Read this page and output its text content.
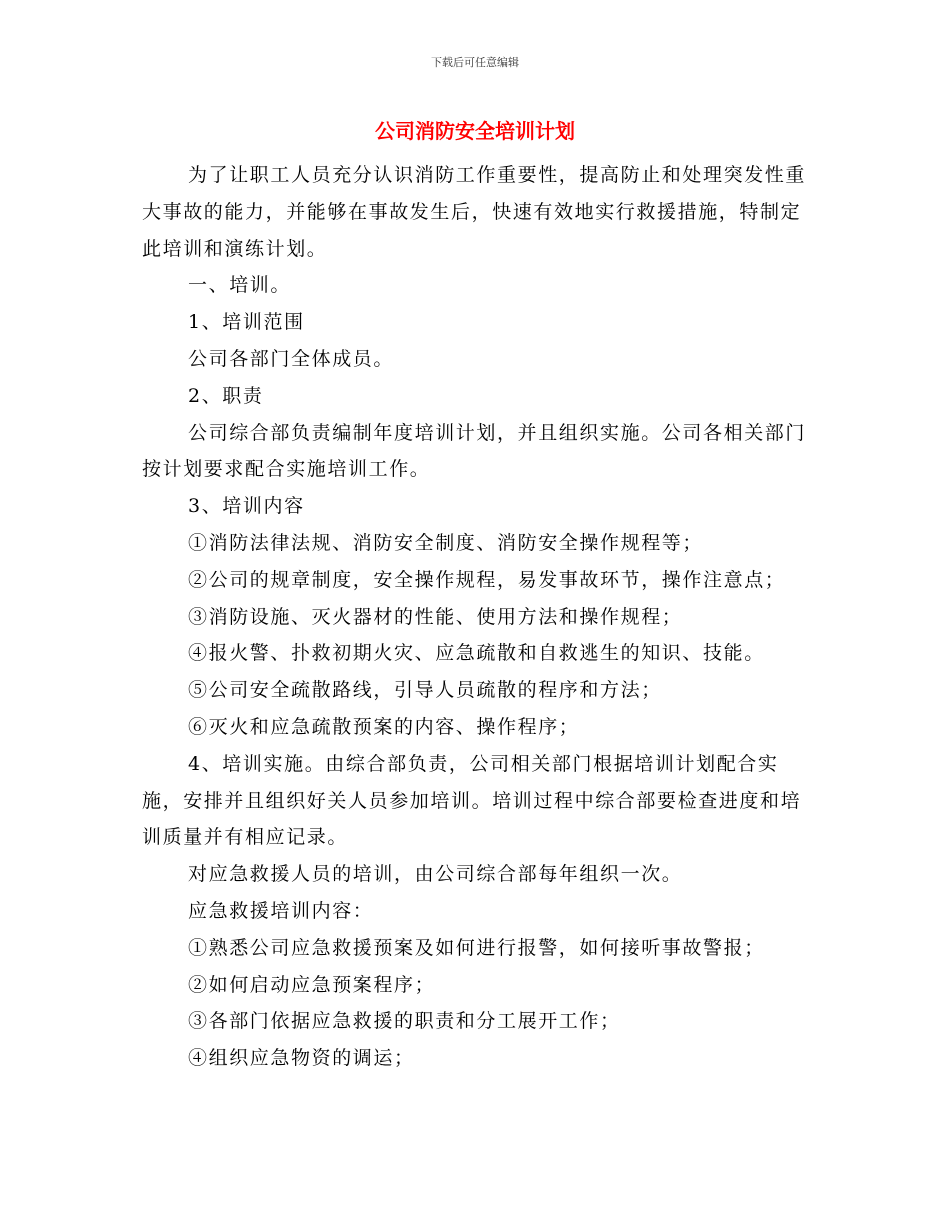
下载后可任意编辑
公司消防安全培训计划

为了让职工人员充分认识消防工作重要性，提高防止和处理突发性重大事故的能力，并能够在事故发生后，快速有效地实行救援措施，特制定此培训和演练计划。

一、培训。

1、培训范围

公司各部门全体成员。

2、职责

公司综合部负责编制年度培训计划，并且组织实施。公司各相关部门按计划要求配合实施培训工作。

3、培训内容

①消防法律法规、消防安全制度、消防安全操作规程等；

②公司的规章制度，安全操作规程，易发事故环节，操作注意点；

③消防设施、灭火器材的性能、使用方法和操作规程；

④报火警、扑救初期火灾、应急疏散和自救逃生的知识、技能。

⑤公司安全疏散路线，引导人员疏散的程序和方法；

⑥灭火和应急疏散预案的内容、操作程序；

4、培训实施。由综合部负责，公司相关部门根据培训计划配合实施，安排并且组织好关人员参加培训。培训过程中综合部要检查进度和培训质量并有相应记录。

对应急救援人员的培训，由公司综合部每年组织一次。

应急救援培训内容：

①熟悉公司应急救援预案及如何进行报警，如何接听事故警报；

②如何启动应急预案程序；

③各部门依据应急救援的职责和分工展开工作；

④组织应急物资的调运；
